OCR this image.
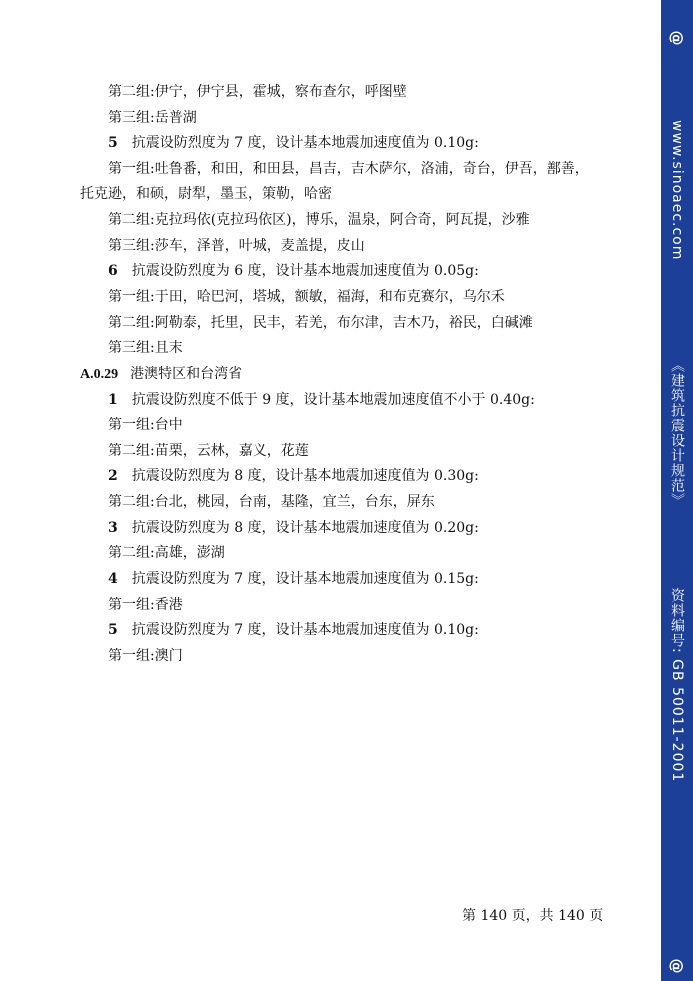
第二组:伊宁，伊宁县，霍城，察布查尔，呼图壁
第三组:岳普湖
5 抗震设防烈度为 7 度，设计基本地震加速度值为 0.10g:
第一组:吐鲁番，和田，和田县，昌吉，吉木萨尔，洛浦，奇台，伊吾，鄯善，
托克逊，和硕，尉犁，墨玉，策勒，哈密
第二组:克拉玛依(克拉玛依区)，博乐，温泉，阿合奇，阿瓦提，沙雅
第三组:莎车，泽普，叶城，麦盖提，皮山
6 抗震设防烈度为 6 度，设计基本地震加速度值为 0.05g:
第一组:于田，哈巴河，塔城，额敏，福海，和布克赛尔，乌尔禾
第二组:阿勒泰，托里，民丰，若羌，布尔津，吉木乃，裕民，白碱滩
第三组:且末
A.0.29 港澳特区和台湾省
1 抗震设防烈度不低于 9 度，设计基本地震加速度值不小于 0.40g:
第一组:台中
第二组:苗栗，云林，嘉义，花莲
2 抗震设防烈度为 8 度，设计基本地震加速度值为 0.30g:
第二组:台北，桃园，台南，基隆，宜兰，台东，屏东
3 抗震设防烈度为 8 度，设计基本地震加速度值为 0.20g:
第二组:高雄，澎湖
4 抗震设防烈度为 7 度，设计基本地震加速度值为 0.15g:
第一组:香港
5 抗震设防烈度为 7 度，设计基本地震加速度值为 0.10g:
第一组:澳门
第 140 页，共 140 页
@
www.sinoaec.com
《建筑抗震设计规范》
资料编号: GB 50011-2001
@
